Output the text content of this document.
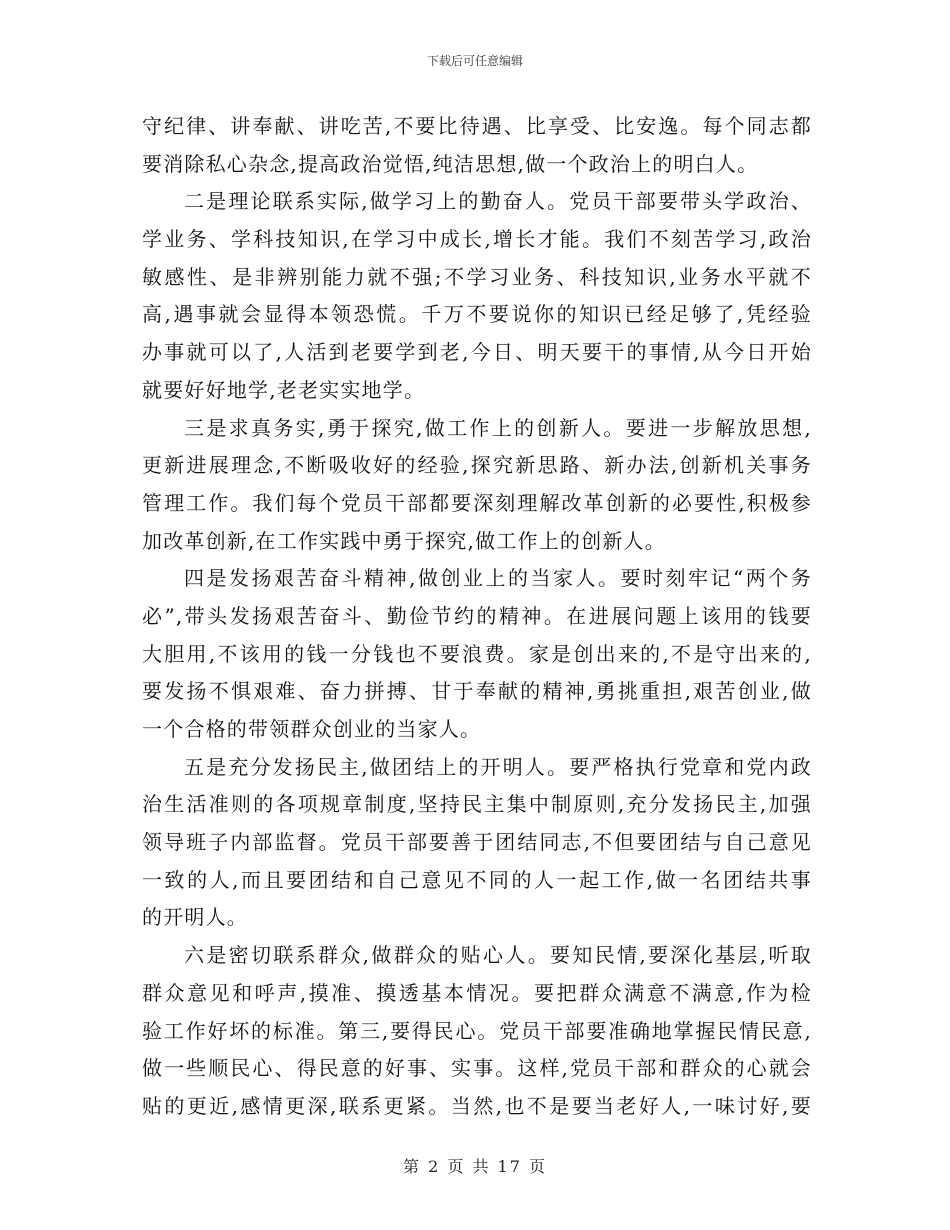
下载后可任意编辑
守纪律、讲奉献、讲吃苦,不要比待遇、比享受、比安逸。每个同志都
要消除私心杂念,提高政治觉悟,纯洁思想,做一个政治上的明白人。
二是理论联系实际,做学习上的勤奋人。党员干部要带头学政治、
学业务、学科技知识,在学习中成长,增长才能。我们不刻苦学习,政治
敏感性、是非辨别能力就不强;不学习业务、科技知识,业务水平就不
高,遇事就会显得本领恐慌。千万不要说你的知识已经足够了,凭经验
办事就可以了,人活到老要学到老,今日、明天要干的事情,从今日开始
就要好好地学,老老实实地学。
三是求真务实,勇于探究,做工作上的创新人。要进一步解放思想,
更新进展理念,不断吸收好的经验,探究新思路、新办法,创新机关事务
管理工作。我们每个党员干部都要深刻理解改革创新的必要性,积极参
加改革创新,在工作实践中勇于探究,做工作上的创新人。
四是发扬艰苦奋斗精神,做创业上的当家人。要时刻牢记“两个务
必”,带头发扬艰苦奋斗、勤俭节约的精神。在进展问题上该用的钱要
大胆用,不该用的钱一分钱也不要浪费。家是创出来的,不是守出来的,
要发扬不惧艰难、奋力拼搏、甘于奉献的精神,勇挑重担,艰苦创业,做
一个合格的带领群众创业的当家人。
五是充分发扬民主,做团结上的开明人。要严格执行党章和党内政
治生活准则的各项规章制度,坚持民主集中制原则,充分发扬民主,加强
领导班子内部监督。党员干部要善于团结同志,不但要团结与自己意见
一致的人,而且要团结和自己意见不同的人一起工作,做一名团结共事
的开明人。
六是密切联系群众,做群众的贴心人。要知民情,要深化基层,听取
群众意见和呼声,摸准、摸透基本情况。要把群众满意不满意,作为检
验工作好坏的标准。第三,要得民心。党员干部要准确地掌握民情民意,
做一些顺民心、得民意的好事、实事。这样,党员干部和群众的心就会
贴的更近,感情更深,联系更紧。当然,也不是要当老好人,一味讨好,要
第 2 页 共 17 页
